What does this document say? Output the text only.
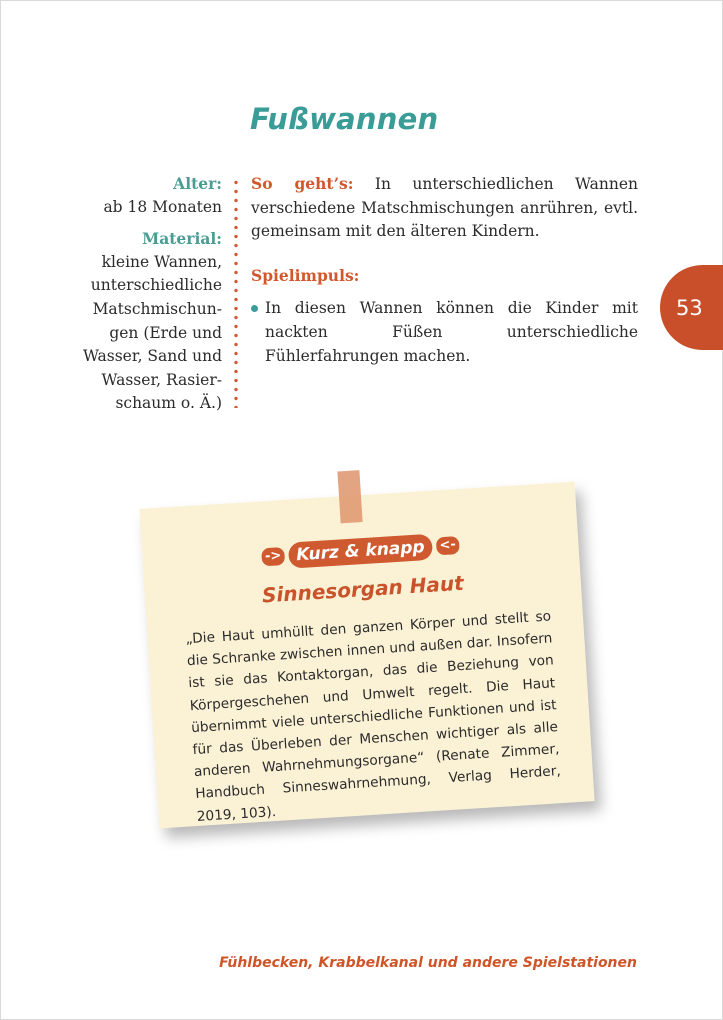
Fußwannen

Alter:

ab 18 Monaten

Material:

kleine Wannen,

unterschiedliche

Matschmischun-

gen (Erde und

Wasser, Sand und

Wasser, Rasier-

schaum o. Ä.)

So geht’s: In unterschiedlichen Wannen verschiedene Matschmischungen anrühren, evtl. gemeinsam mit den älteren Kindern.

Spielimpuls:

In diesen Wannen können die Kinder mit nackten Füßen unterschiedliche Fühlerfahrungen machen.
53
-> Kurz & knapp	<-
Sinnesorgan Haut
„Die Haut umhüllt den ganzen Körper und stellt so die Schranke zwischen innen und außen dar. Insofern ist sie das Kontaktorgan, das die Beziehung von Körpergeschehen und Umwelt regelt. Die Haut übernimmt viele unterschiedliche Funktionen und ist für das Überleben der Menschen wichtiger als alle anderen Wahrnehmungsorgane“ (Renate Zimmer, Handbuch Sinneswahrnehmung, Verlag Herder, 2019, 103).
Fühlbecken, Krabbelkanal und andere Spielstationen
